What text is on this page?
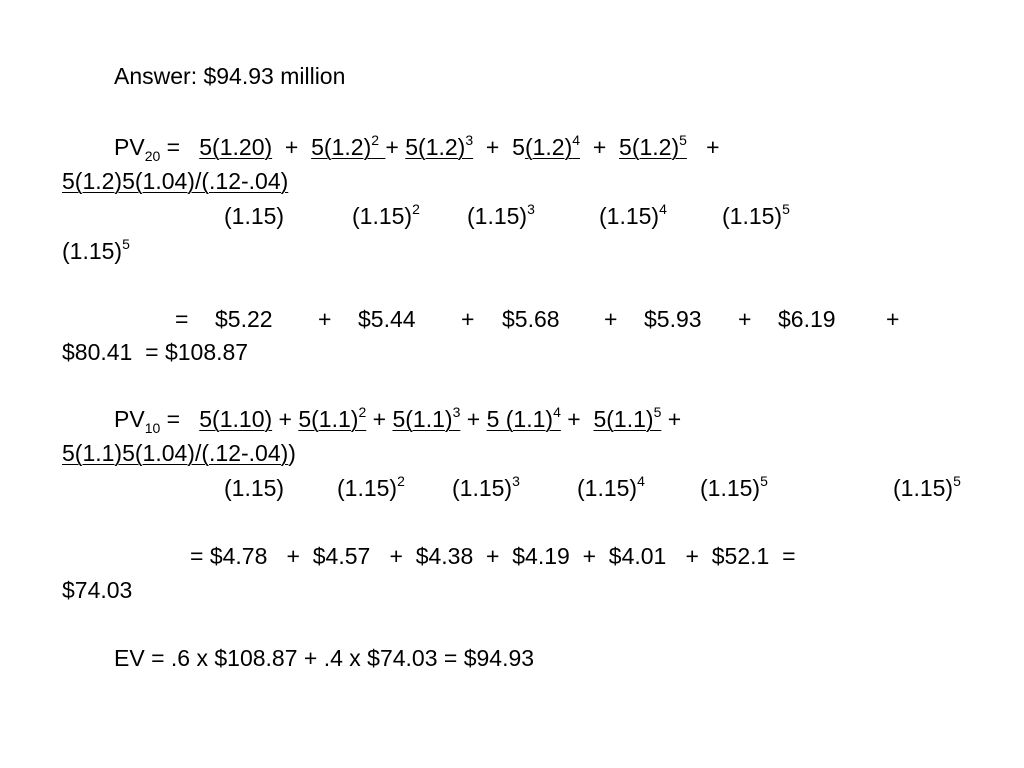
Answer: $94.93 million
$PV_{20} = 5(1.20) + 5(1.2)^2 + 5(1.2)^3 + 5(1.2)^4 + 5(1.2)^5$ +
5(1.2)5(1.04)/(.12-.04)
(1.15)	$(1.15)^2$ $(1.15)^3$	$(1.15)^4$ $(1.15)^5$
$(1.15)^5$
= $5.22 + $5.44 + $5.68 + $5.93 + $6.19 +
$80.41 = $108.87
$PV_{10} = 5(1.10) + 5(1.1)^2 + 5(1.1)^3 + 5$ $(1.1)^4 + 5(1.1)^5$ +
5(1.1)5(1.04)/(.12-.04))
(1.15) $(1.15)^2$ $(1.15)^3$ $(1.15)^4$ $(1.15)^5$	$(1.15)^5$
= $4.78   +  $4.57   +  $4.38  +  $4.19  +  $4.01   +  $52.1  =
$74.03
EV = .6 x $108.87 + .4 x $74.03 = $94.93
